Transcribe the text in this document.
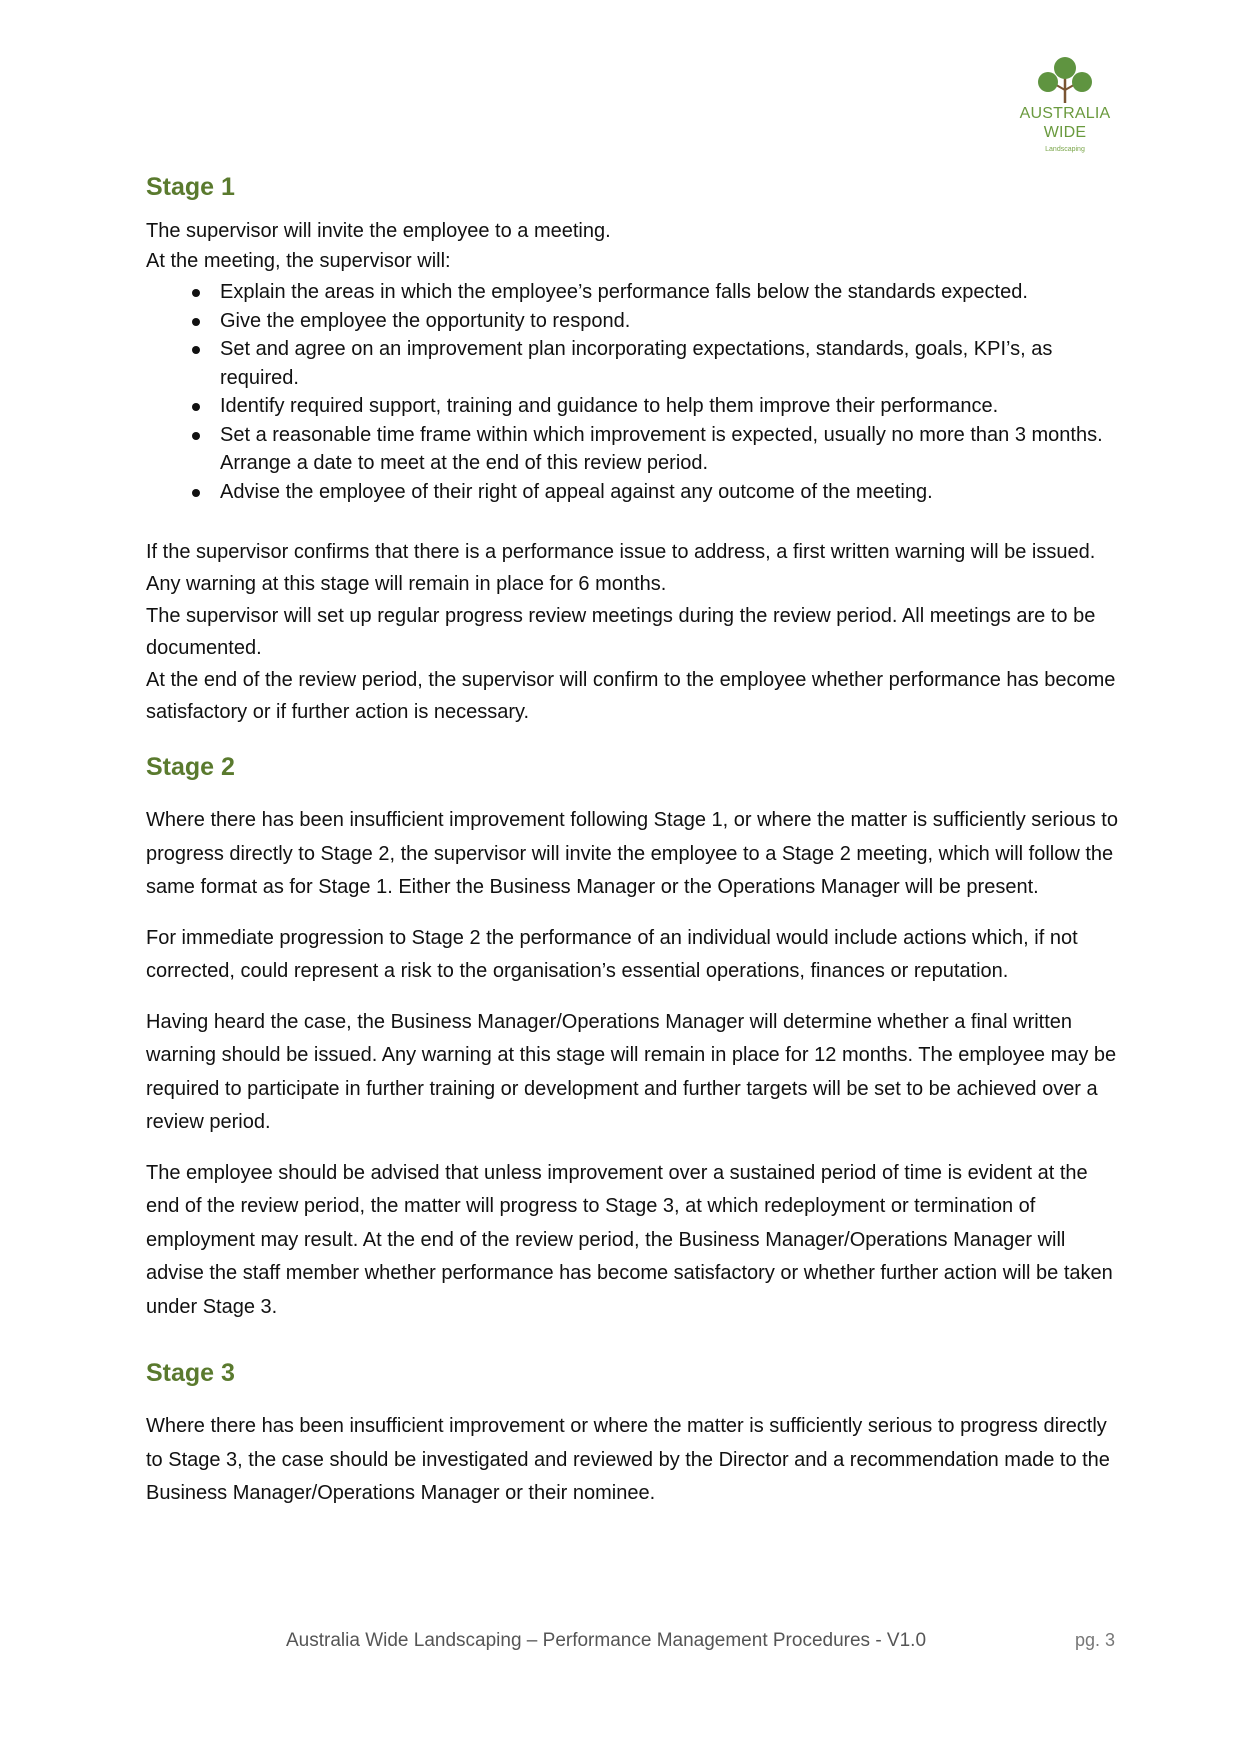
AUSTRALIA
WIDE
Landscaping
Stage 1

The supervisor will invite the employee to a meeting.

At the meeting, the supervisor will:

Explain the areas in which the employee’s performance falls below the standards expected.
Give the employee the opportunity to respond.
Set and agree on an improvement plan incorporating expectations, standards, goals, KPI’s, as required.
Identify required support, training and guidance to help them improve their performance.
Set a reasonable time frame within which improvement is expected, usually no more than 3 months. Arrange a date to meet at the end of this review period.
Advise the employee of their right of appeal against any outcome of the meeting.

If the supervisor confirms that there is a performance issue to address, a first written warning will be issued. Any warning at this stage will remain in place for 6 months.

The supervisor will set up regular progress review meetings during the review period. All meetings are to be documented.

At the end of the review period, the supervisor will confirm to the employee whether performance has become satisfactory or if further action is necessary.

Stage 2

Where there has been insufficient improvement following Stage 1, or where the matter is sufficiently serious to progress directly to Stage 2, the supervisor will invite the employee to a Stage 2 meeting, which will follow the same format as for Stage 1. Either the Business Manager or the Operations Manager will be present.

For immediate progression to Stage 2 the performance of an individual would include actions which, if not corrected, could represent a risk to the organisation’s essential operations, finances or reputation.

Having heard the case, the Business Manager/Operations Manager will determine whether a final written warning should be issued. Any warning at this stage will remain in place for 12 months. The employee may be required to participate in further training or development and further targets will be set to be achieved over a review period.

The employee should be advised that unless improvement over a sustained period of time is evident at the end of the review period, the matter will progress to Stage 3, at which redeployment or termination of employment may result. At the end of the review period, the Business Manager/Operations Manager will advise the staff member whether performance has become satisfactory or whether further action will be taken under Stage 3.

Stage 3

Where there has been insufficient improvement or where the matter is sufficiently serious to progress directly to Stage 3, the case should be investigated and reviewed by the Director and a recommendation made to the Business Manager/Operations Manager or their nominee.

Australia Wide Landscaping – Performance Management Procedures - V1.0	pg. 3
